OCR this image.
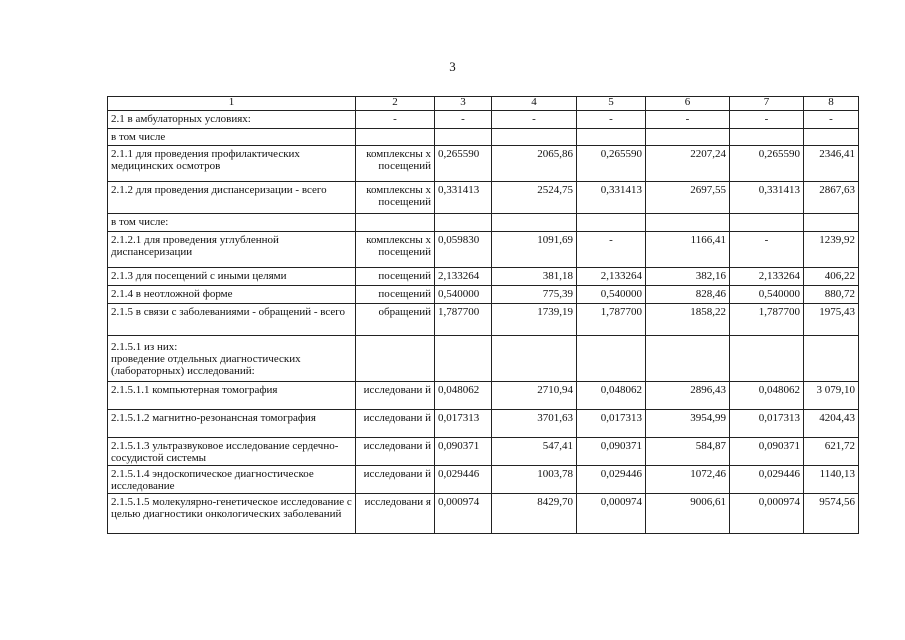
3
1	2	3	4	5	6	7	8
2.1 в амбулаторных условиях:	-	-	-	-	-	-	-
в том числе							
2.1.1 для проведения профилактических медицинских осмотров	комплексны х посещений	0,265590	2065,86	0,265590	2207,24	0,265590	2346,41
2.1.2 для проведения диспансеризации - всего	комплексны х посещений	0,331413	2524,75	0,331413	2697,55	0,331413	2867,63
в том числе:							
2.1.2.1 для проведения углубленной диспансеризации	комплексны х посещений	0,059830	1091,69	-	1166,41	-	1239,92
2.1.3 для посещений с иными целями	посещений	2,133264	381,18	2,133264	382,16	2,133264	406,22
2.1.4 в неотложной форме	посещений	0,540000	775,39	0,540000	828,46	0,540000	880,72
2.1.5 в связи с заболеваниями - обращений - всего	обращений	1,787700	1739,19	1,787700	1858,22	1,787700	1975,43
2.1.5.1 из них:
проведение отдельных диагностических (лабораторных) исследований:							
2.1.5.1.1 компьютерная томография	исследовани й	0,048062	2710,94	0,048062	2896,43	0,048062	3 079,10
2.1.5.1.2 магнитно-резонансная томография	исследовани й	0,017313	3701,63	0,017313	3954,99	0,017313	4204,43
2.1.5.1.3 ультразвуковое исследование сердечно-сосудистой системы	исследовани й	0,090371	547,41	0,090371	584,87	0,090371	621,72
2.1.5.1.4 эндоскопическое диагностическое исследование	исследовани й	0,029446	1003,78	0,029446	1072,46	0,029446	1140,13
2.1.5.1.5 молекулярно-генетическое исследование с целью диагностики онкологических заболеваний	исследовани я	0,000974	8429,70	0,000974	9006,61	0,000974	9574,56
